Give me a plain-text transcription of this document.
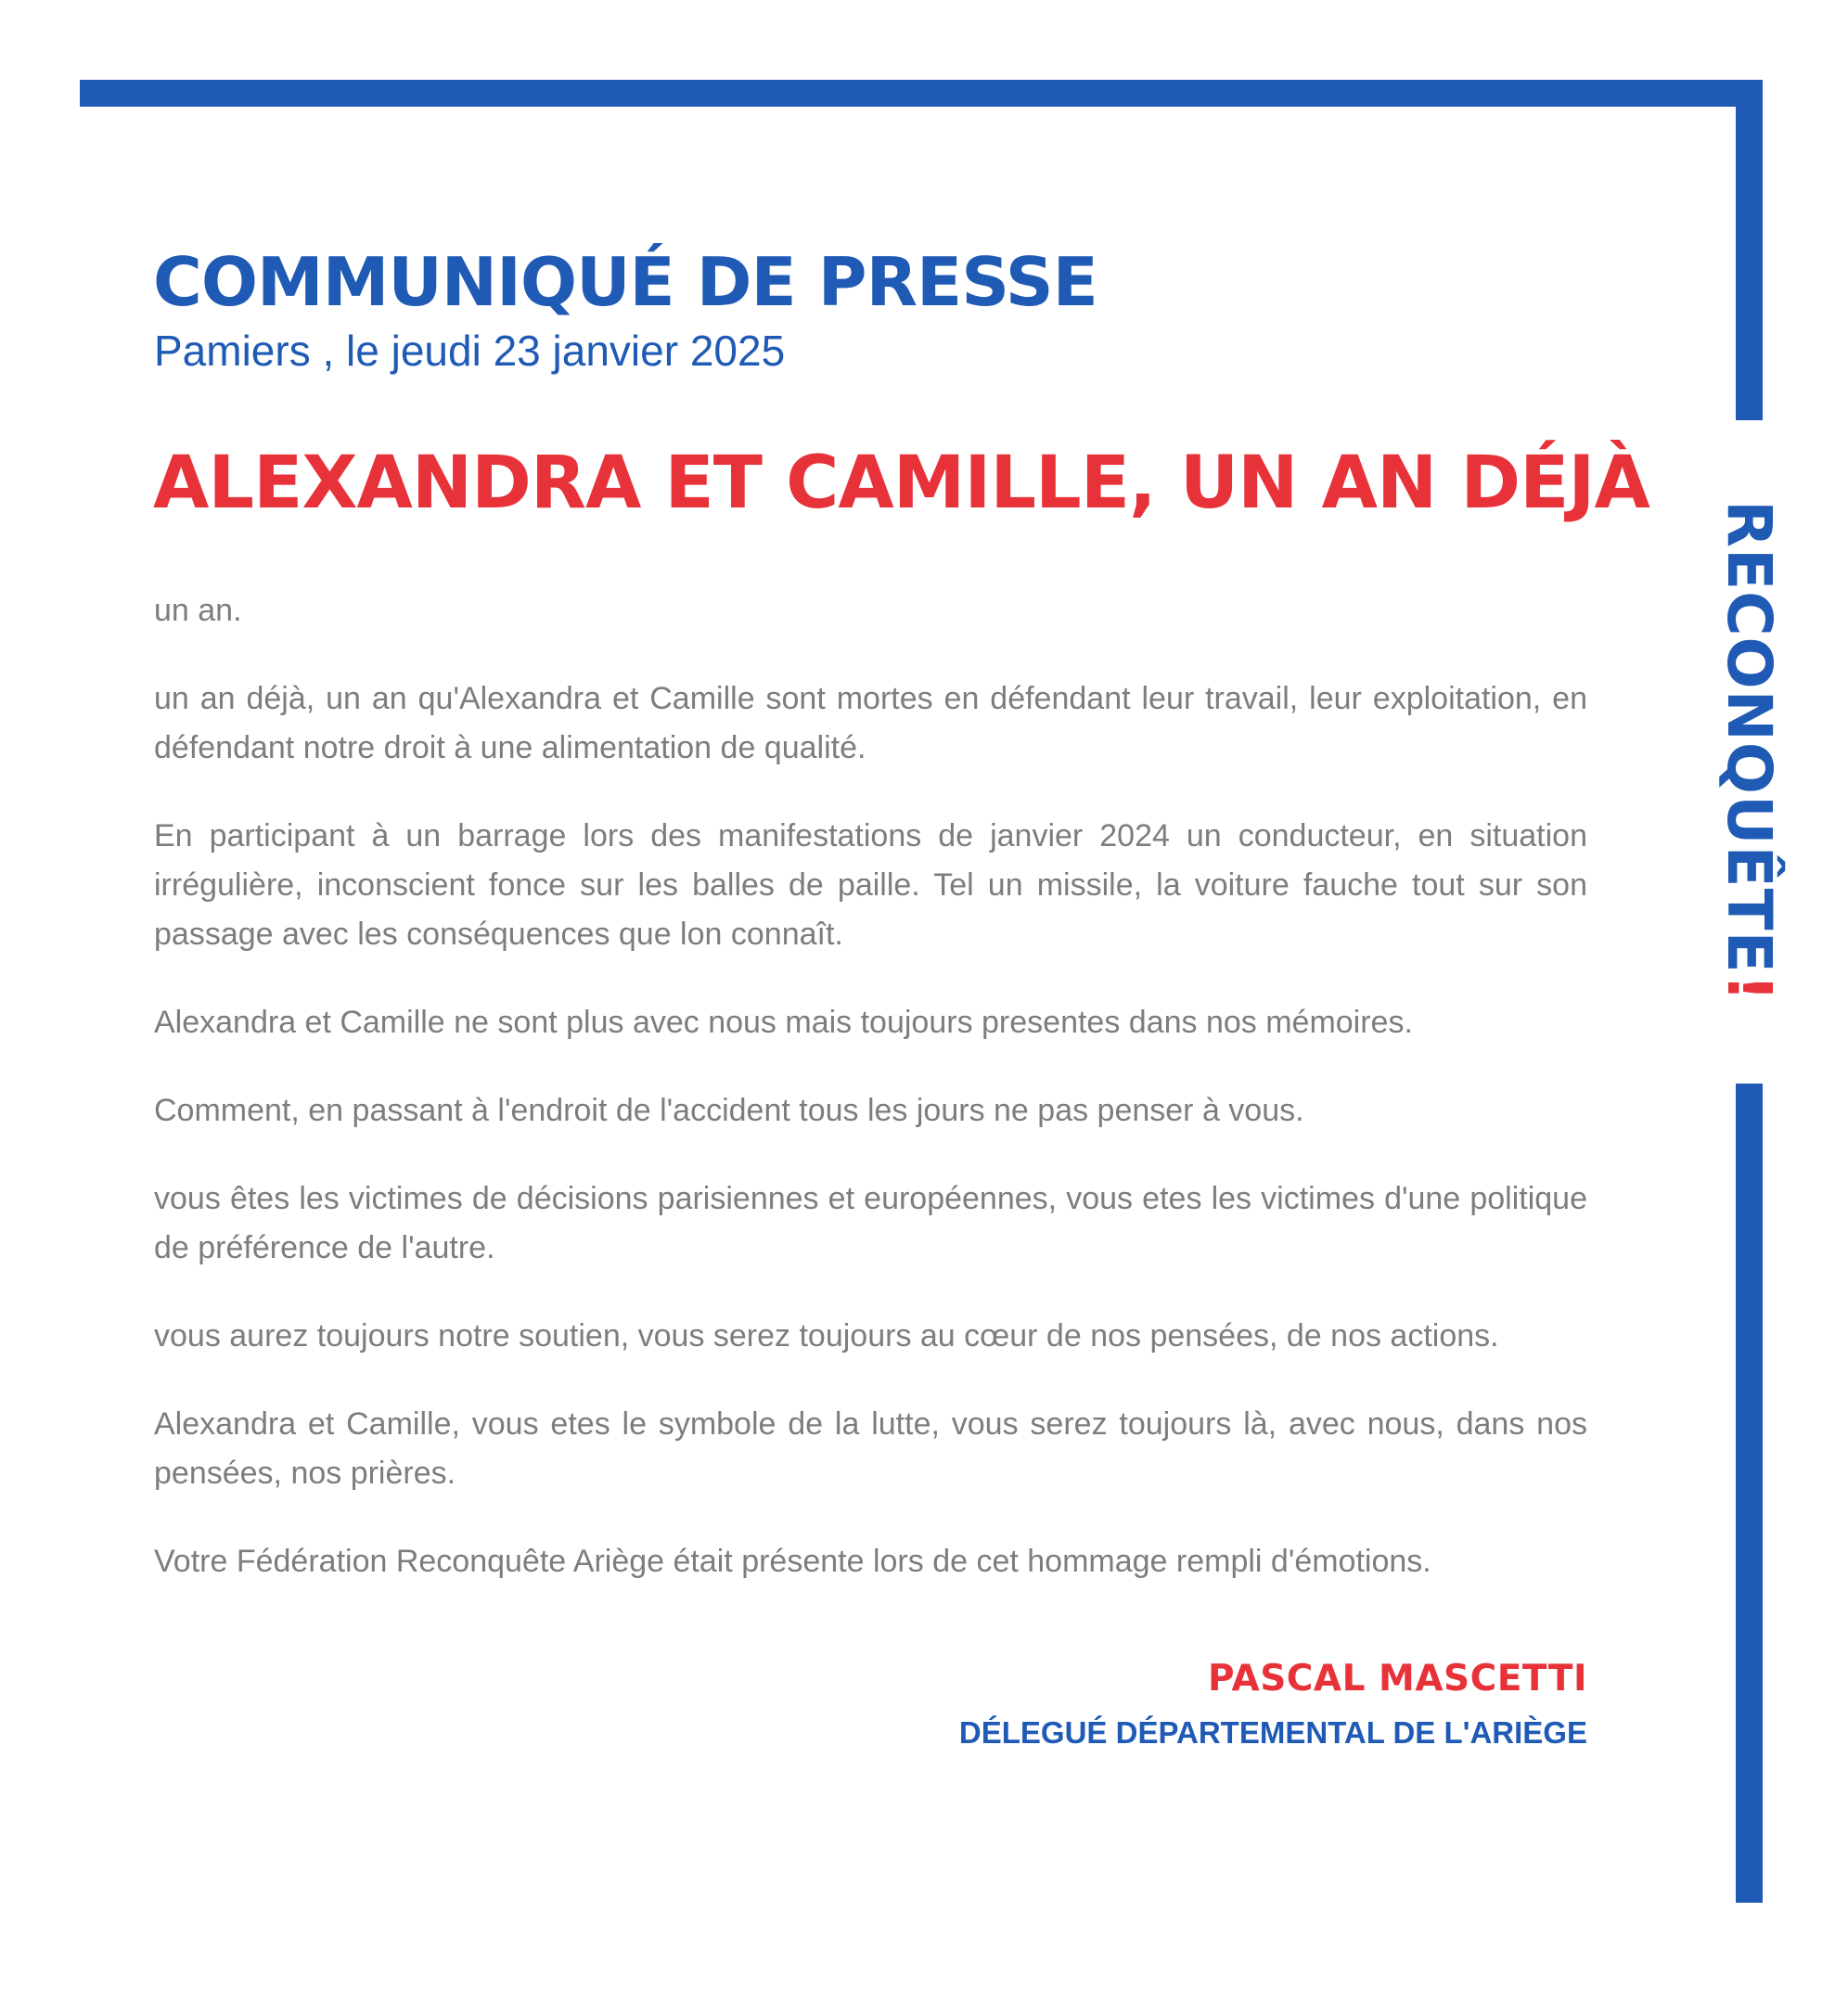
RECONQUÊTE!
COMMUNIQUÉ DE PRESSE
Pamiers , le jeudi 23 janvier 2025
ALEXANDRA ET CAMILLE, UN AN DÉJÀ

un an.

un an déjà, un an qu'Alexandra et Camille sont mortes en défendant leur travail, leur exploitation, en défendant notre droit à une alimentation de qualité.

En participant à un barrage lors des manifestations de janvier 2024 un conducteur, en situation irrégulière, inconscient fonce sur les balles de paille. Tel un missile, la voiture fauche tout sur son passage avec les conséquences que lon connaît.

Alexandra et Camille ne sont plus avec nous mais toujours presentes dans nos mémoires.

Comment, en passant à l'endroit de l'accident tous les jours ne pas penser à vous.

vous êtes les victimes de décisions parisiennes et européennes, vous etes les victimes d'une politique de préférence de l'autre.

vous aurez toujours notre soutien, vous serez toujours au cœur de nos pensées, de nos actions.

Alexandra et Camille, vous etes le symbole de la lutte, vous serez toujours là, avec nous, dans nos pensées, nos prières.

Votre Fédération Reconquête Ariège était présente lors de cet hommage rempli d'émotions.

PASCAL MASCETTI
DÉLEGUÉ DÉPARTEMENTAL DE L'ARIÈGE
